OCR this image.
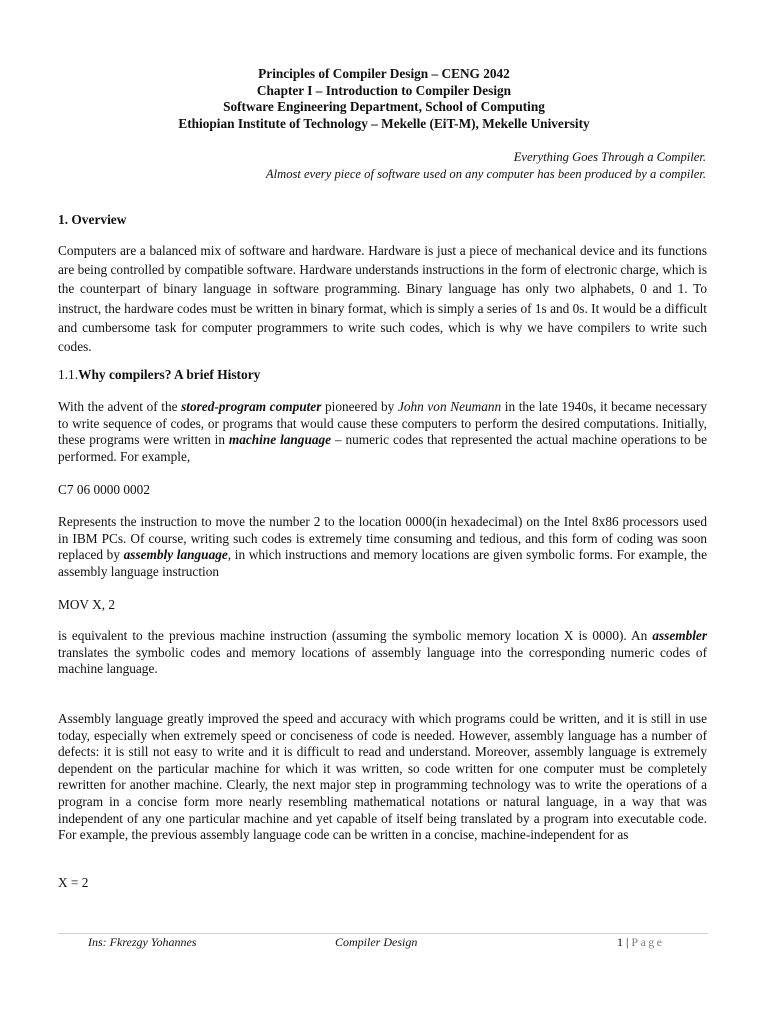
Principles of Compiler Design – CENG 2042
Chapter I – Introduction to Compiler Design
Software Engineering Department, School of Computing
Ethiopian Institute of Technology – Mekelle (EiT-M), Mekelle University
Everything Goes Through a Compiler.
Almost every piece of software used on any computer has been produced by a compiler.
1. Overview
Computers are a balanced mix of software and hardware. Hardware is just a piece of mechanical device and its functions are being controlled by compatible software. Hardware understands instructions in the form of electronic charge, which is the counterpart of binary language in software programming. Binary language has only two alphabets, 0 and 1. To instruct, the hardware codes must be written in binary format, which is simply a series of 1s and 0s. It would be a difficult and cumbersome task for computer programmers to write such codes, which is why we have compilers to write such codes.
1.1.Why compilers? A brief History
With the advent of the stored-program computer pioneered by John von Neumann in the late 1940s, it became necessary to write sequence of codes, or programs that would cause these computers to perform the desired computations. Initially, these programs were written in machine language – numeric codes that represented the actual machine operations to be performed. For example,
C7 06 0000 0002
Represents the instruction to move the number 2 to the location 0000(in hexadecimal) on the Intel 8x86 processors used in IBM PCs. Of course, writing such codes is extremely time consuming and tedious, and this form of coding was soon replaced by assembly language, in which instructions and memory locations are given symbolic forms. For example, the assembly language instruction
MOV X, 2
is equivalent to the previous machine instruction (assuming the symbolic memory location X is 0000). An assembler translates the symbolic codes and memory locations of assembly language into the corresponding numeric codes of machine language.
Assembly language greatly improved the speed and accuracy with which programs could be written, and it is still in use today, especially when extremely speed or conciseness of code is needed. However, assembly language has a number of defects: it is still not easy to write and it is difficult to read and understand. Moreover, assembly language is extremely dependent on the particular machine for which it was written, so code written for one computer must be completely rewritten for another machine. Clearly, the next major step in programming technology was to write the operations of a program in a concise form more nearly resembling mathematical notations or natural language, in a way that was independent of any one particular machine and yet capable of itself being translated by a program into executable code. For example, the previous assembly language code can be written in a concise, machine-independent for as
X = 2
Ins: Fkrezgy Yohannes	Compiler Design	1 | Page
